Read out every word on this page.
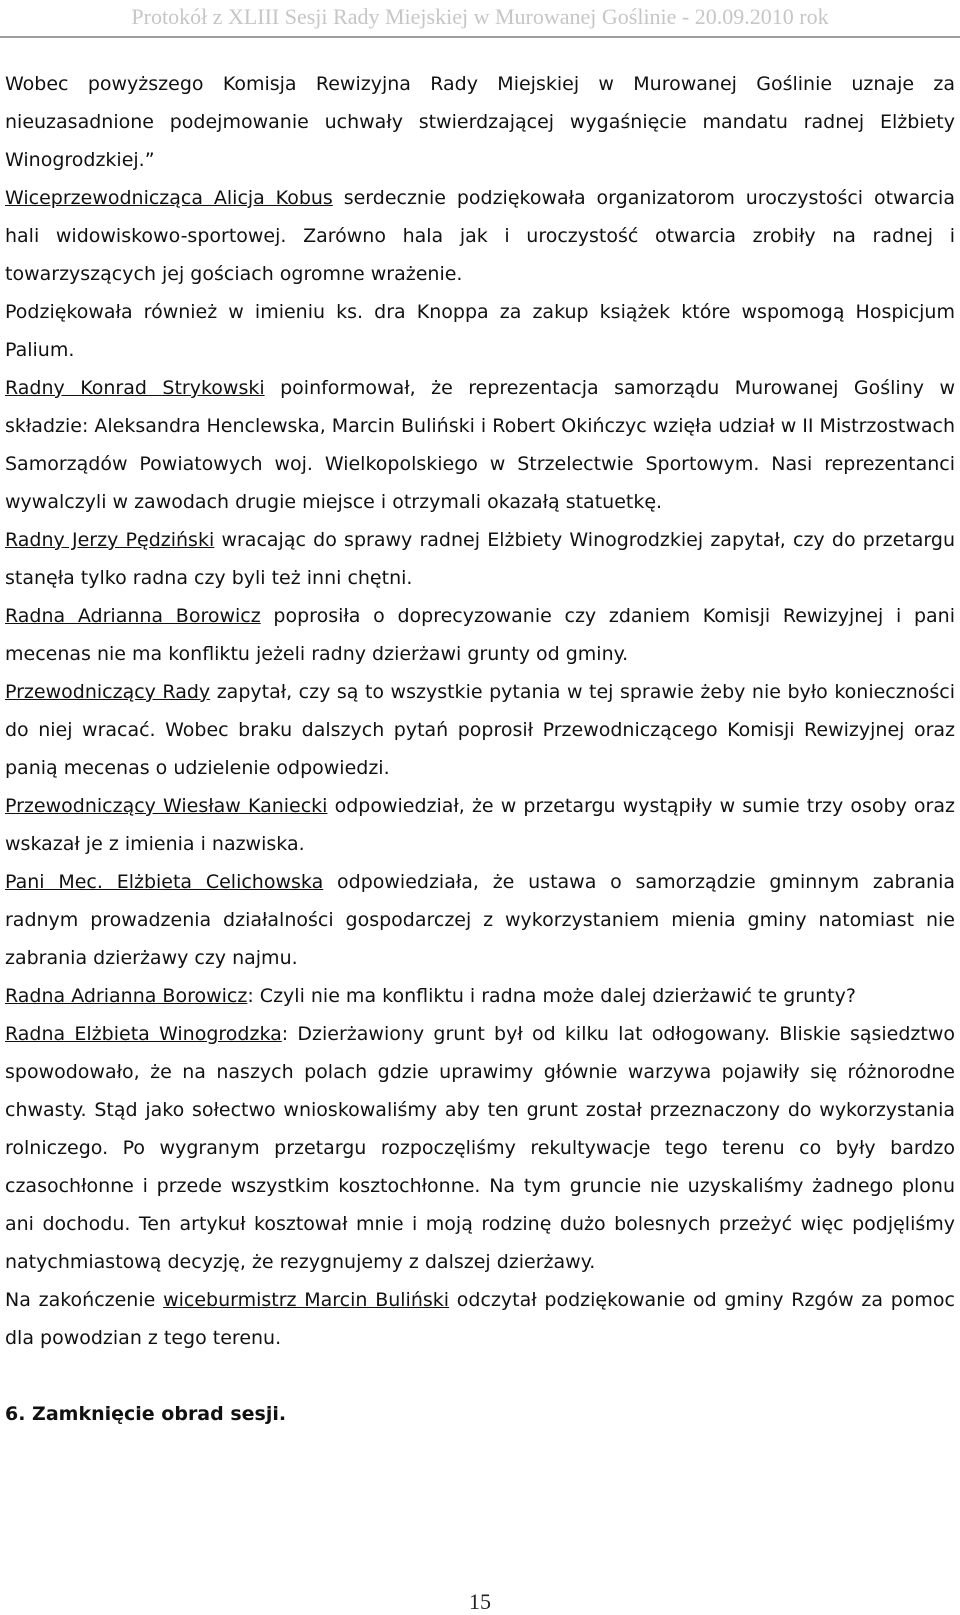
Protokół z XLIII Sesji Rady Miejskiej w Murowanej Goślinie - 20.09.2010 rok

Wobec powyższego Komisja Rewizyjna Rady Miejskiej w Murowanej Goślinie uznaje za nieuzasadnione podejmowanie uchwały stwierdzającej wygaśnięcie mandatu radnej Elżbiety Winogrodzkiej.”

Wiceprzewodnicząca Alicja Kobus serdecznie podziękowała organizatorom uroczystości otwarcia hali widowiskowo-sportowej. Zarówno hala jak i uroczystość otwarcia zrobiły na radnej i towarzyszących jej gościach ogromne wrażenie.

Podziękowała również w imieniu ks. dra Knoppa za zakup książek które wspomogą Hospicjum Palium.

Radny Konrad Strykowski poinformował, że reprezentacja samorządu Murowanej Gośliny w składzie: Aleksandra Henclewska, Marcin Buliński i Robert Okińczyc wzięła udział w II Mistrzostwach Samorządów Powiatowych woj. Wielkopolskiego w Strzelectwie Sportowym. Nasi reprezentanci wywalczyli w zawodach drugie miejsce i otrzymali okazałą statuetkę.

Radny Jerzy Pędziński wracając do sprawy radnej Elżbiety Winogrodzkiej zapytał, czy do przetargu stanęła tylko radna czy byli też inni chętni.

Radna Adrianna Borowicz poprosiła o doprecyzowanie czy zdaniem Komisji Rewizyjnej i pani mecenas nie ma konfliktu jeżeli radny dzierżawi grunty od gminy.

Przewodniczący Rady zapytał, czy są to wszystkie pytania w tej sprawie żeby nie było konieczności do niej wracać. Wobec braku dalszych pytań poprosił Przewodniczącego Komisji Rewizyjnej oraz panią mecenas o udzielenie odpowiedzi.

Przewodniczący Wiesław Kaniecki odpowiedział, że w przetargu wystąpiły w sumie trzy osoby oraz wskazał je z imienia i nazwiska.

Pani Mec. Elżbieta Celichowska odpowiedziała, że ustawa o samorządzie gminnym zabrania radnym prowadzenia działalności gospodarczej z wykorzystaniem mienia gminy natomiast nie zabrania dzierżawy czy najmu.

Radna Adrianna Borowicz: Czyli nie ma konfliktu i radna może dalej dzierżawić te grunty?

Radna Elżbieta Winogrodzka: Dzierżawiony grunt był od kilku lat odłogowany. Bliskie sąsiedztwo spowodowało, że na naszych polach gdzie uprawimy głównie warzywa pojawiły się różnorodne chwasty. Stąd jako sołectwo wnioskowaliśmy aby ten grunt został przeznaczony do wykorzystania rolniczego. Po wygranym przetargu rozpoczęliśmy rekultywacje tego terenu co były bardzo czasochłonne i przede wszystkim kosztochłonne. Na tym gruncie nie uzyskaliśmy żadnego plonu ani dochodu. Ten artykuł kosztował mnie i moją rodzinę dużo bolesnych przeżyć więc podjęliśmy natychmiastową decyzję, że rezygnujemy z dalszej dzierżawy.

Na zakończenie wiceburmistrz Marcin Buliński odczytał podziękowanie od gminy Rzgów za pomoc dla powodzian z tego terenu.

6. Zamknięcie obrad sesji.

15
